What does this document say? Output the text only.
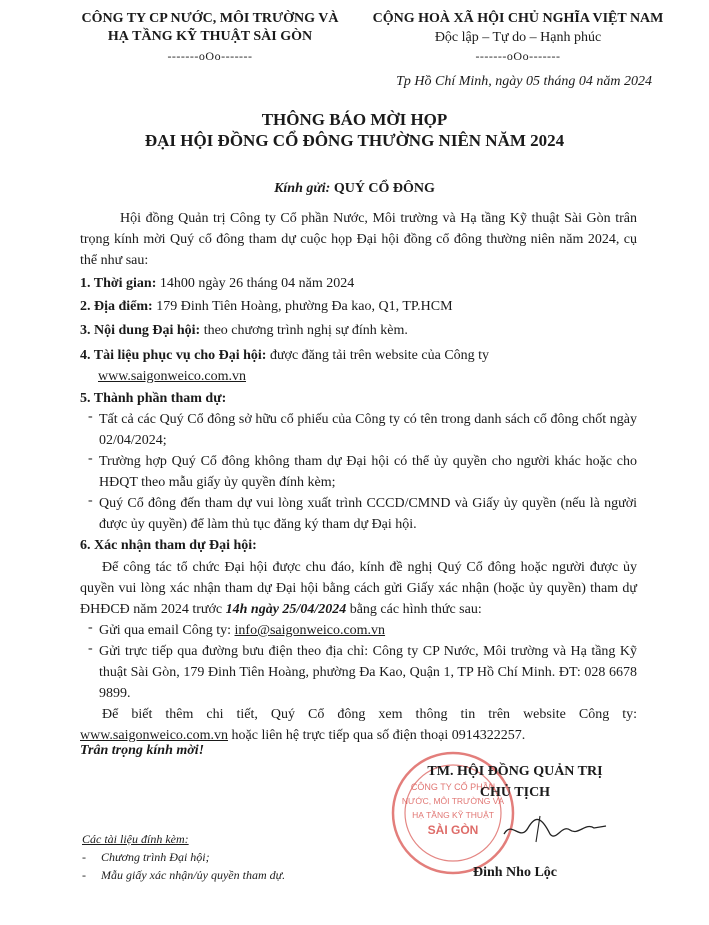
CÔNG TY CP NƯỚC, MÔI TRƯỜNG VÀ
HẠ TẦNG KỸ THUẬT SÀI GÒN
-------oOo-------
CỘNG HOÀ XÃ HỘI CHỦ NGHĨA VIỆT NAM
Độc lập – Tự do – Hạnh phúc
-------oOo-------
Tp Hồ Chí Minh, ngày 05 tháng 04 năm 2024
THÔNG BÁO MỜI HỌP
ĐẠI HỘI ĐỒNG CỔ ĐÔNG THƯỜNG NIÊN NĂM 2024
Kính gửi: QUÝ CỔ ĐÔNG
Hội đồng Quản trị Công ty Cổ phần Nước, Môi trường và Hạ tầng Kỹ thuật Sài Gòn trân trọng kính mời Quý cổ đông tham dự cuộc họp Đại hội đồng cổ đông thường niên năm 2024, cụ thể như sau:
1. Thời gian: 14h00 ngày 26 tháng 04 năm 2024
2. Địa điểm: 179 Đinh Tiên Hoàng, phường Đa kao, Q1, TP.HCM
3. Nội dung Đại hội: theo chương trình nghị sự đính kèm.
4. Tài liệu phục vụ cho Đại hội: được đăng tải trên website của Công ty
www.saigonweico.com.vn
5. Thành phần tham dự:
- Tất cả các Quý Cổ đông sở hữu cổ phiếu của Công ty có tên trong danh sách cổ đông chốt ngày 02/04/2024;
- Trường hợp Quý Cổ đông không tham dự Đại hội có thể ủy quyền cho người khác hoặc cho HĐQT theo mẫu giấy ủy quyền đính kèm;
- Quý Cổ đông đến tham dự vui lòng xuất trình CCCD/CMND và Giấy ủy quyền (nếu là người được ủy quyền) để làm thủ tục đăng ký tham dự Đại hội.
6. Xác nhận tham dự Đại hội:
Để công tác tổ chức Đại hội được chu đáo, kính đề nghị Quý Cổ đông hoặc người được ủy quyền vui lòng xác nhận tham dự Đại hội bằng cách gửi Giấy xác nhận (hoặc ủy quyền) tham dự ĐHĐCĐ năm 2024 trước 14h ngày 25/04/2024 bằng các hình thức sau:
- Gửi qua email Công ty: info@saigonweico.com.vn
- Gửi trực tiếp qua đường bưu điện theo địa chỉ: Công ty CP Nước, Môi trường và Hạ tầng Kỹ thuật Sài Gòn, 179 Đinh Tiên Hoàng, phường Đa Kao, Quận 1, TP Hồ Chí Minh. ĐT: 028 6678 9899.
Để biết thêm chi tiết, Quý Cổ đông xem thông tin trên website Công ty: www.saigonweico.com.vn hoặc liên hệ trực tiếp qua số điện thoại 0914322257.
Trân trọng kính mời!
CÔNG TY CỔ PHẦN
NƯỚC, MÔI TRƯỜNG VÀ
HẠ TẦNG KỸ THUẬT
SÀI GÒN
TM. HỘI ĐỒNG QUẢN TRỊ
CHỦ TỊCH
Đinh Nho Lộc
Các tài liệu đính kèm:
-     Chương trình Đại hội;
-     Mẫu giấy xác nhận/ủy quyền tham dự.
